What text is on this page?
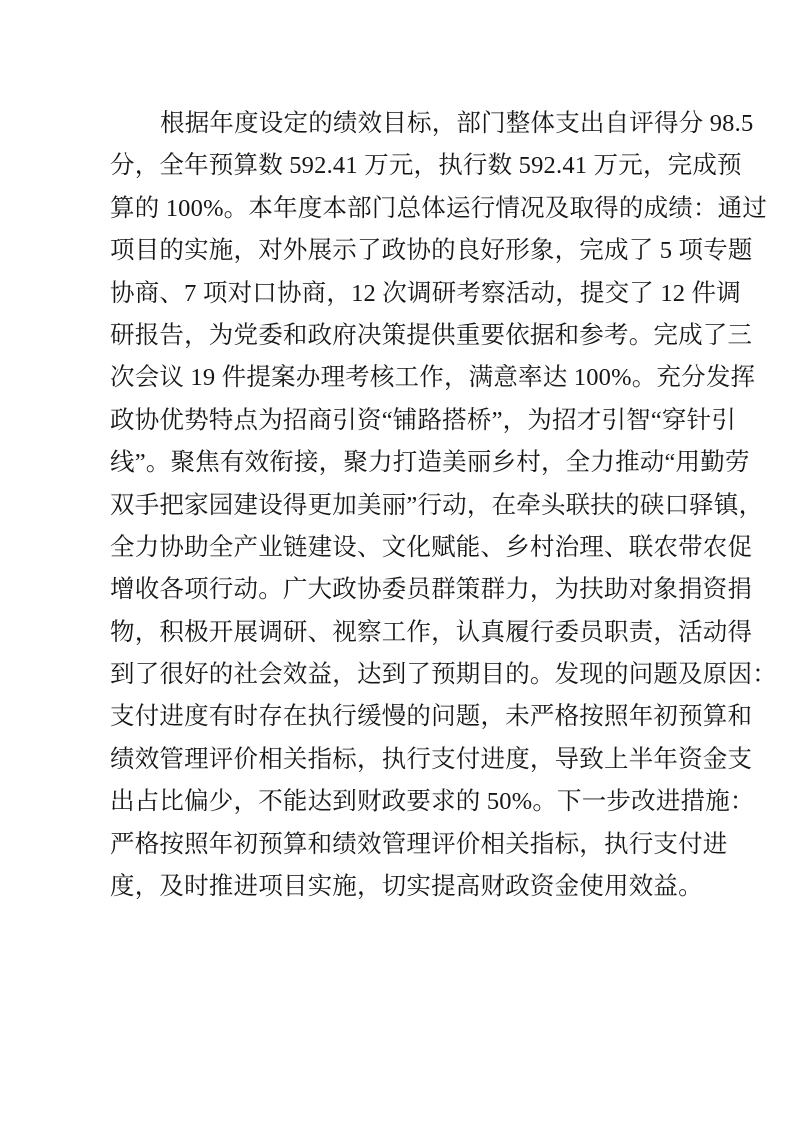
根据年度设定的绩效目标，部门整体支出自评得分 98.5
分，全年预算数 592.41 万元，执行数 592.41 万元，完成预
算的 100%。本年度本部门总体运行情况及取得的成绩：通过
项目的实施，对外展示了政协的良好形象，完成了 5 项专题
协商、7 项对口协商，12 次调研考察活动，提交了 12 件调
研报告，为党委和政府决策提供重要依据和参考。完成了三
次会议 19 件提案办理考核工作，满意率达 100%。充分发挥
政协优势特点为招商引资“铺路搭桥”，为招才引智“穿针引
线”。聚焦有效衔接，聚力打造美丽乡村，全力推动“用勤劳
双手把家园建设得更加美丽”行动，在牵头联扶的硖口驿镇，
全力协助全产业链建设、文化赋能、乡村治理、联农带农促
增收各项行动。广大政协委员群策群力，为扶助对象捐资捐
物，积极开展调研、视察工作，认真履行委员职责，活动得
到了很好的社会效益，达到了预期目的。发现的问题及原因：
支付进度有时存在执行缓慢的问题，未严格按照年初预算和
绩效管理评价相关指标，执行支付进度，导致上半年资金支
出占比偏少，不能达到财政要求的 50%。下一步改进措施：
严格按照年初预算和绩效管理评价相关指标，执行支付进
度，及时推进项目实施，切实提高财政资金使用效益。
